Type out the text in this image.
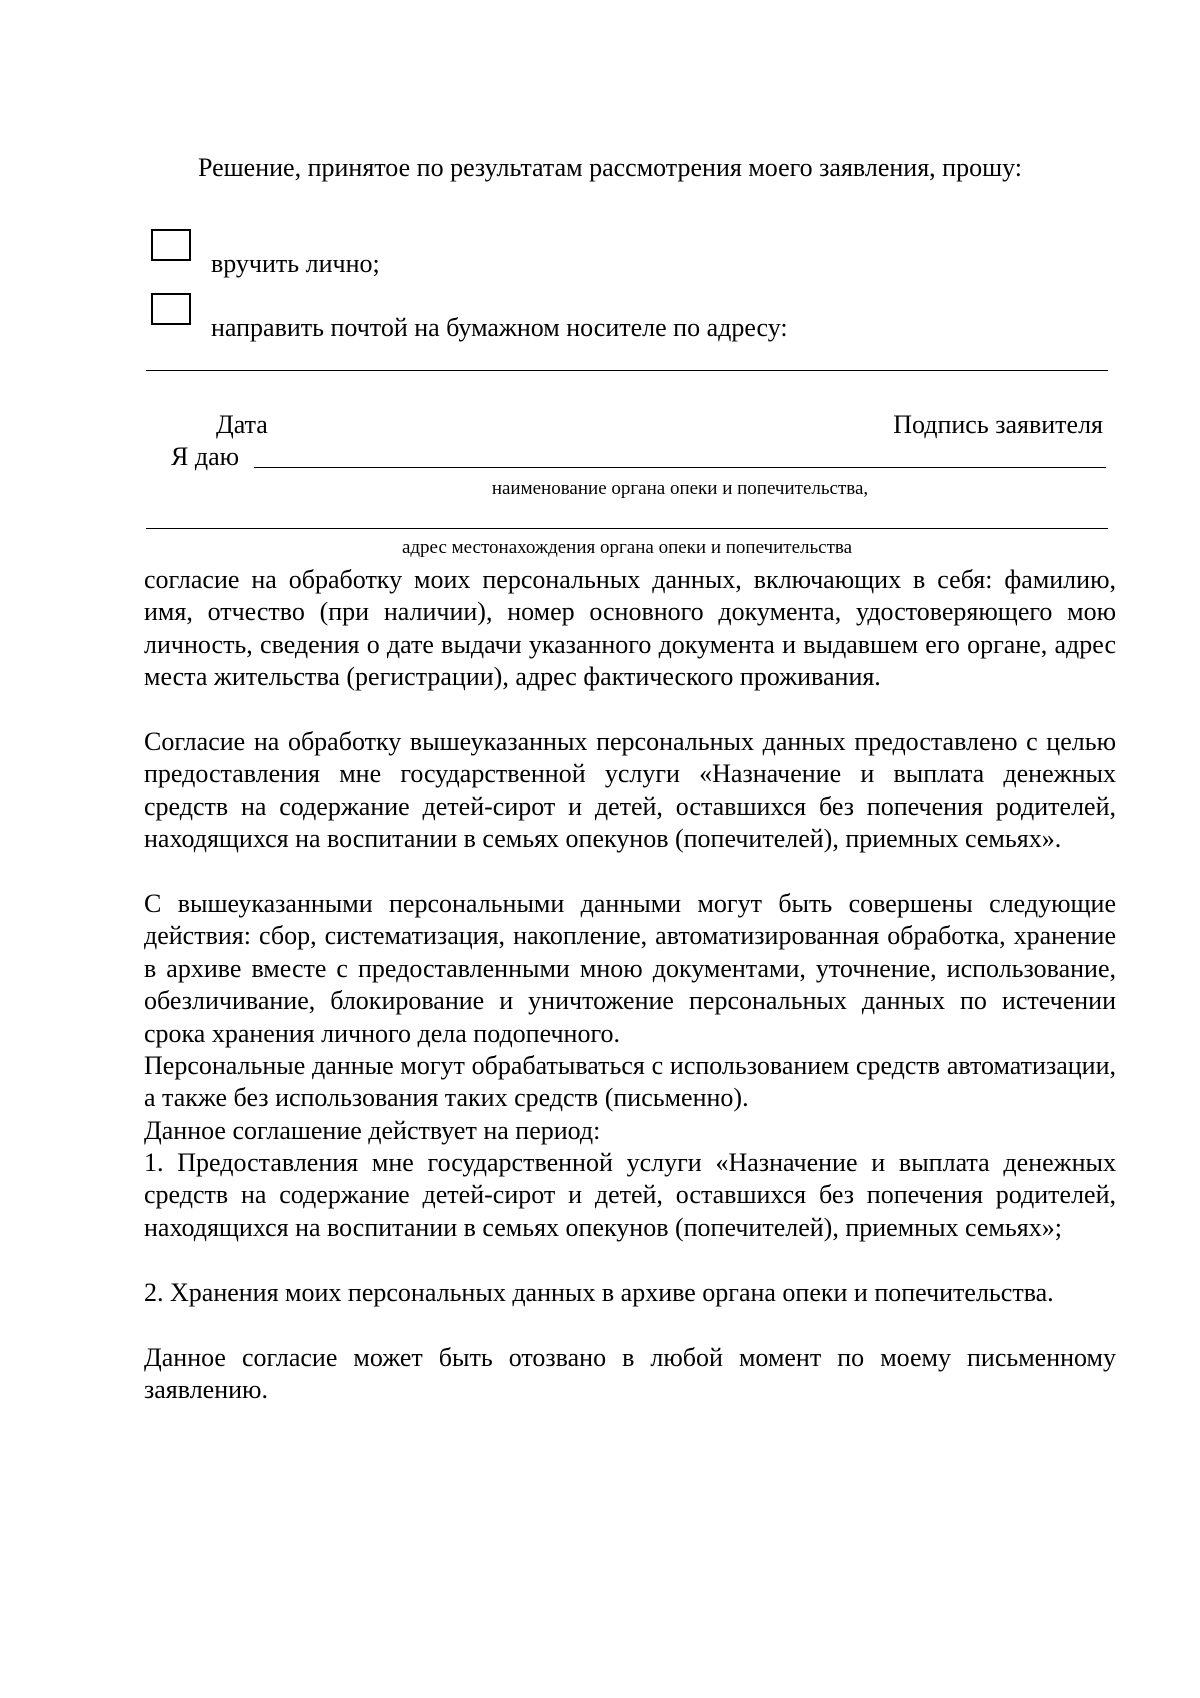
Решение, принятое по результатам рассмотрения моего заявления, прошу:
вручить лично;
направить почтой на бумажном носителе по адресу:
Дата	Подпись заявителя
Я даю
наименование органа опеки и попечительства,
адрес местонахождения органа опеки и попечительства

согласие на обработку моих персональных данных, включающих в себя: фамилию, имя, отчество (при наличии), номер основного документа, удостоверяющего мою личность, сведения о дате выдачи указанного документа и выдавшем его органе, адрес места жительства (регистрации), адрес фактического проживания.

Согласие на обработку вышеуказанных персональных данных предоставлено с целью предоставления мне государственной услуги «Назначение и выплата денежных средств на содержание детей-сирот и детей, оставшихся без попечения родителей, находящихся на воспитании в семьях опекунов (попечителей), приемных семьях».

С вышеуказанными персональными данными могут быть совершены следующие действия: сбор, систематизация, накопление, автоматизированная обработка, хранение в архиве вместе с предоставленными мною документами, уточнение, использование, обезличивание, блокирование и уничтожение персональных данных по истечении срока хранения личного дела подопечного.

Персональные данные могут обрабатываться с использованием средств автоматизации, а также без использования таких средств (письменно).

Данное соглашение действует на период:

1. Предоставления мне государственной услуги «Назначение и выплата денежных средств на содержание детей-сирот и детей, оставшихся без попечения родителей, находящихся на воспитании в семьях опекунов (попечителей), приемных семьях»;

2. Хранения моих персональных данных в архиве органа опеки и попечительства.

Данное согласие может быть отозвано в любой момент по моему письменному заявлению.
